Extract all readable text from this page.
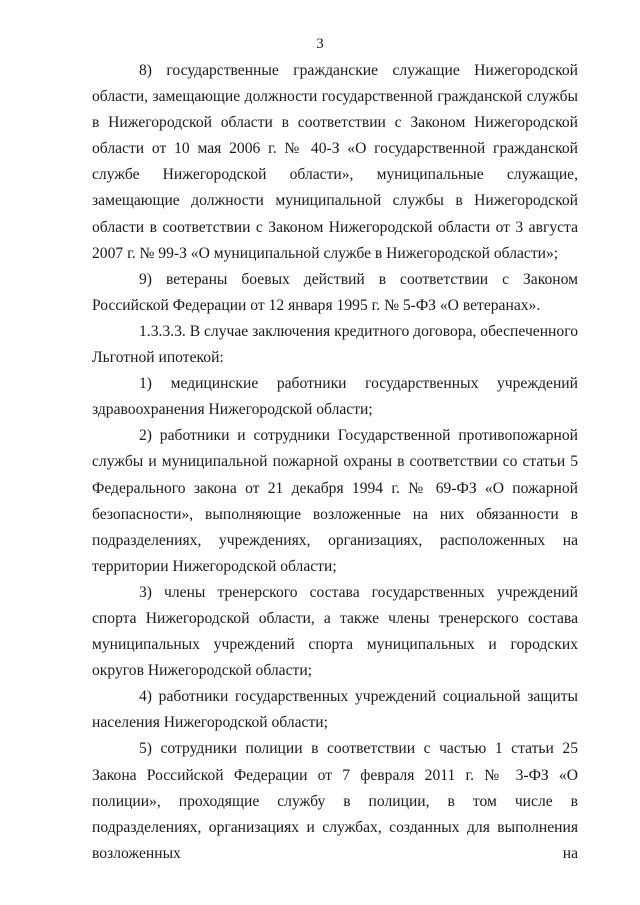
3

8) государственные гражданские служащие Нижегородской области, замещающие должности государственной гражданской службы в Нижегородской области в соответствии с Законом Нижегородской области от 10 мая 2006 г. № 40-З «О государственной гражданской службе Нижегородской области», муниципальные служащие, замещающие должности муниципальной службы в Нижегородской области в соответствии с Законом Нижегородской области от 3 августа 2007 г. № 99-З «О муниципальной службе в Нижегородской области»;

9) ветераны боевых действий в соответствии с Законом Российской Федерации от 12 января 1995 г. № 5-ФЗ «О ветеранах».

1.3.3.3. В случае заключения кредитного договора, обеспеченного Льготной ипотекой:

1) медицинские работники государственных учреждений здравоохранения Нижегородской области;

2) работники и сотрудники Государственной противопожарной службы и муниципальной пожарной охраны в соответствии со статьи 5 Федерального закона от 21 декабря 1994 г. № 69-ФЗ «О пожарной безопасности», выполняющие возложенные на них обязанности в подразделениях, учреждениях, организациях, расположенных на территории Нижегородской области;

3) члены тренерского состава государственных учреждений спорта Нижегородской области, а также члены тренерского состава муниципальных учреждений спорта муниципальных и городских округов Нижегородской области;

4) работники государственных учреждений социальной защиты населения Нижегородской области;

5) сотрудники полиции в соответствии с частью 1 статьи 25 Закона Российской Федерации от 7 февраля 2011 г. № 3-ФЗ «О полиции», проходящие службу в полиции, в том числе в подразделениях, организациях и службах, созданных для выполнения возложенных на
